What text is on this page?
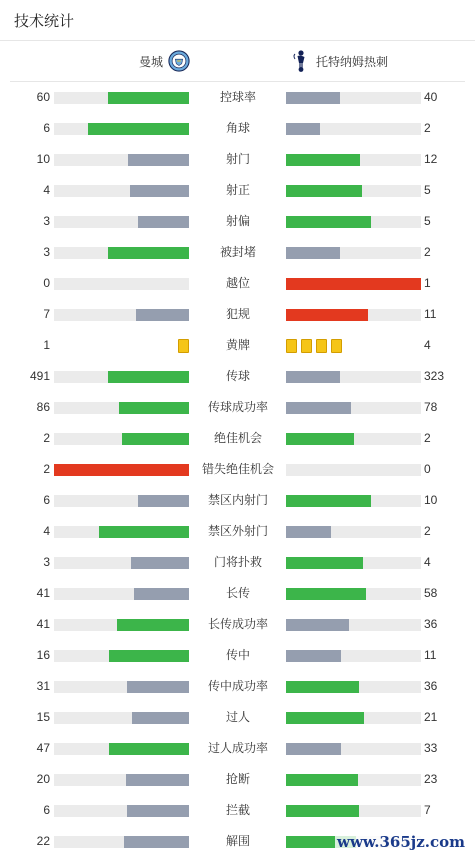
技术统计
曼城	托特纳姆热刺
60	控球率	40
6	角球	2
10	射门	12
4	射正	5
3	射偏	5
3	被封堵	2
0	越位	1
7	犯规	11
1	黄牌	4
491	传球	323
86	传球成功率	78
2	绝佳机会	2
2	错失绝佳机会	0
6	禁区内射门	10
4	禁区外射门	2
3	门将扑救	4
41	长传	58
41	长传成功率	36
16	传中	11
31	传中成功率	36
15	过人	21
47	过人成功率	33
20	抢断	23
6	拦截	7
22	解围	www.365jz.com
